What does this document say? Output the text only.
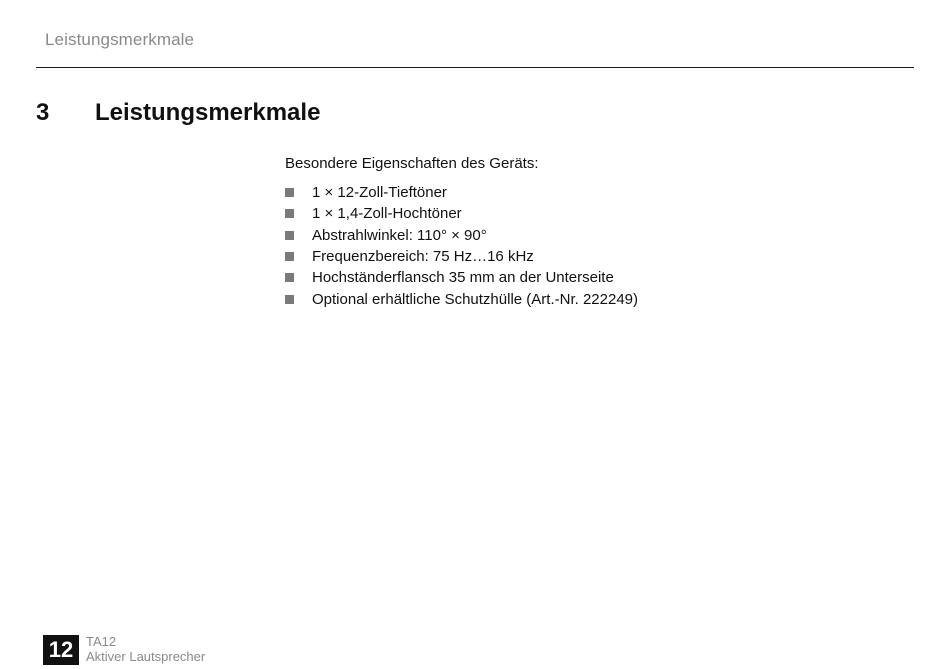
Leistungsmerkmale
3 Leistungsmerkmale
Besondere Eigenschaften des Geräts:
1 × 12-Zoll-Tieftöner
1 × 1,4-Zoll-Hochtöner
Abstrahlwinkel: 110° × 90°
Frequenzbereich: 75 Hz…16 kHz
Hochständerflansch 35 mm an der Unterseite
Optional erhältliche Schutzhülle (Art.-Nr. 222249)
12 TA12
Aktiver Lautsprecher
